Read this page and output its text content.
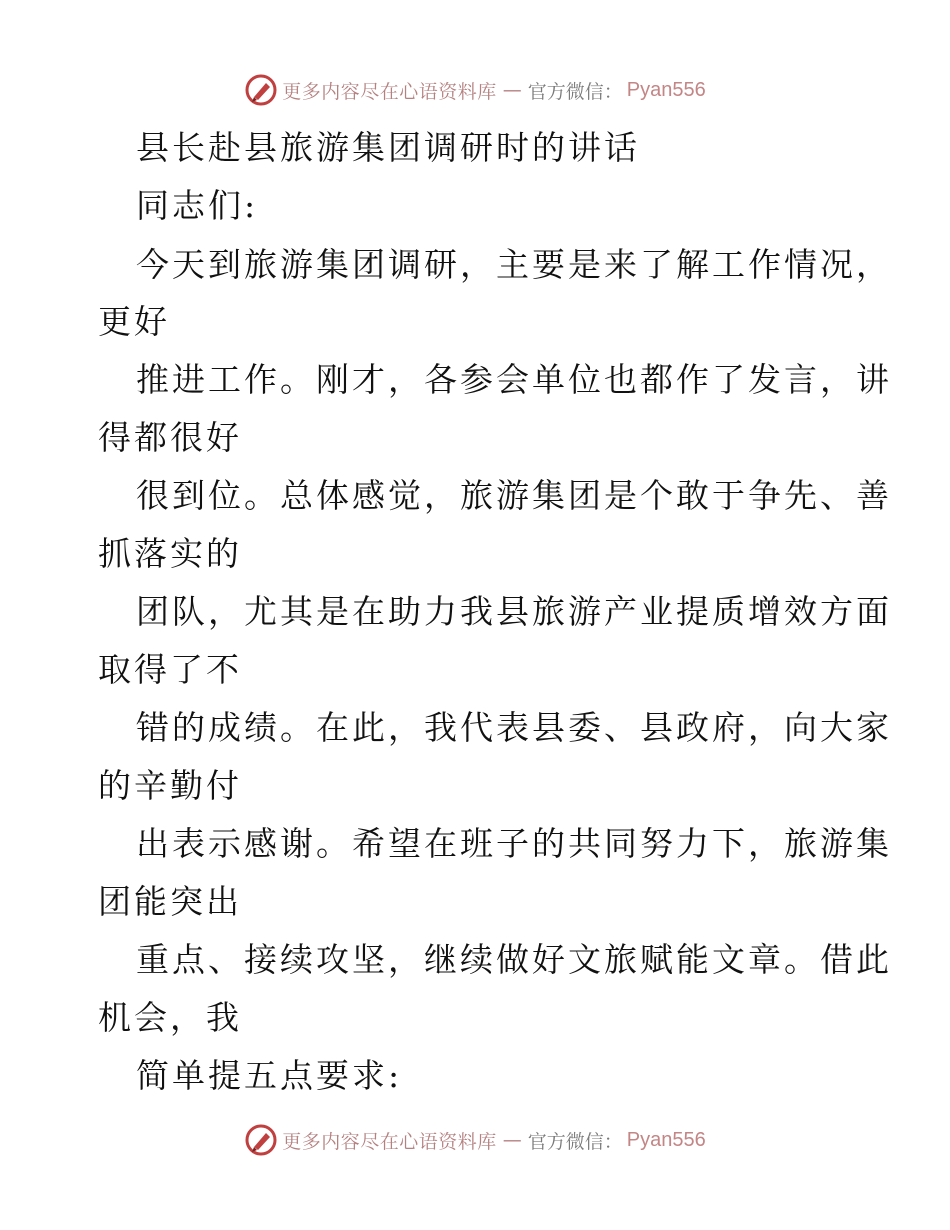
更多内容尽在心语资料库 — 官方微信： Pyan556
县长赴县旅游集团调研时的讲话
同志们:
今天到旅游集团调研，主要是来了解工作情况，
更好
推进工作。刚才，各参会单位也都作了发言，讲
得都很好
很到位。总体感觉，旅游集团是个敢于争先、善
抓落实的
团队，尤其是在助力我县旅游产业提质增效方面
取得了不
错的成绩。在此，我代表县委、县政府，向大家
的辛勤付
出表示感谢。希望在班子的共同努力下，旅游集
团能突出
重点、接续攻坚，继续做好文旅赋能文章。借此
机会，我
简单提五点要求:
更多内容尽在心语资料库 — 官方微信： Pyan556
